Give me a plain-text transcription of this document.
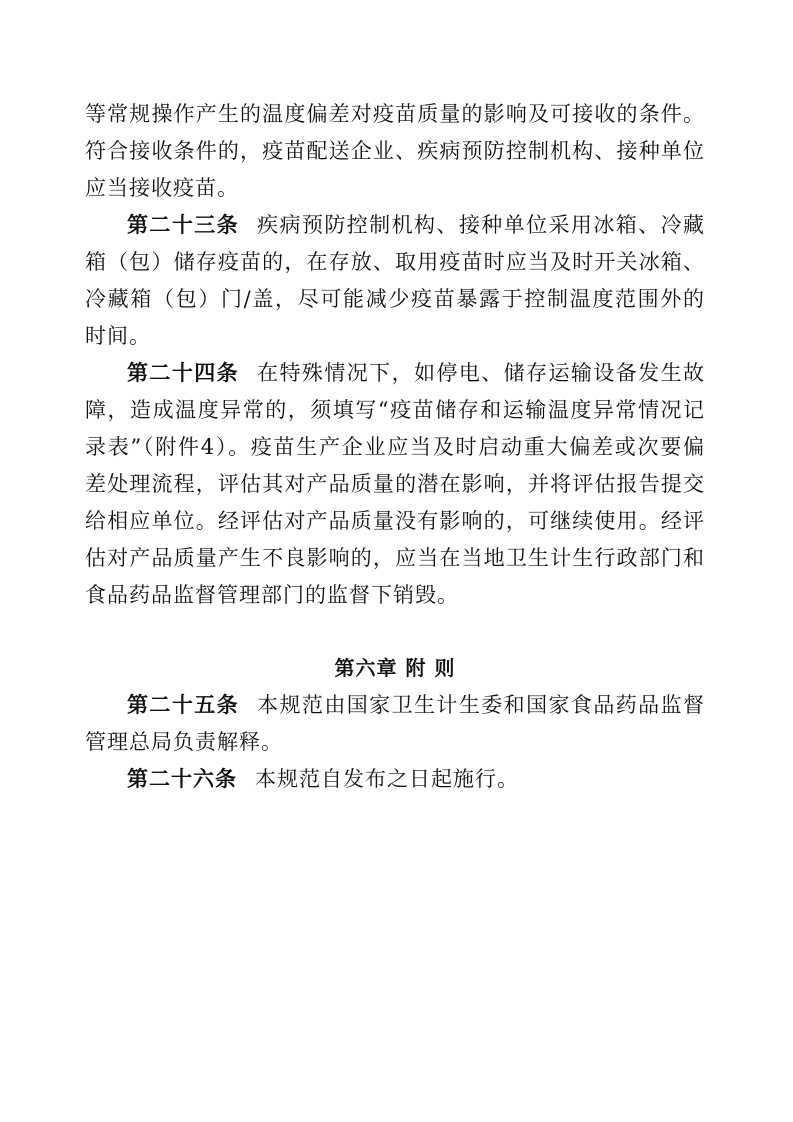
等常规操作产生的温度偏差对疫苗质量的影响及可接收的条件。符合接收条件的，疫苗配送企业、疾病预防控制机构、接种单位应当接收疫苗。

第二十三条 疾病预防控制机构、接种单位采用冰箱、冷藏箱（包）储存疫苗的，在存放、取用疫苗时应当及时开关冰箱、冷藏箱（包）门/盖，尽可能减少疫苗暴露于控制温度范围外的时间。

第二十四条 在特殊情况下，如停电、储存运输设备发生故障，造成温度异常的，须填写“疫苗储存和运输温度异常情况记录表”（附件4）。疫苗生产企业应当及时启动重大偏差或次要偏差处理流程，评估其对产品质量的潜在影响，并将评估报告提交给相应单位。经评估对产品质量没有影响的，可继续使用。经评估对产品质量产生不良影响的，应当在当地卫生计生行政部门和食品药品监督管理部门的监督下销毁。

第六章 附 则

第二十五条 本规范由国家卫生计生委和国家食品药品监督管理总局负责解释。

第二十六条 本规范自发布之日起施行。
